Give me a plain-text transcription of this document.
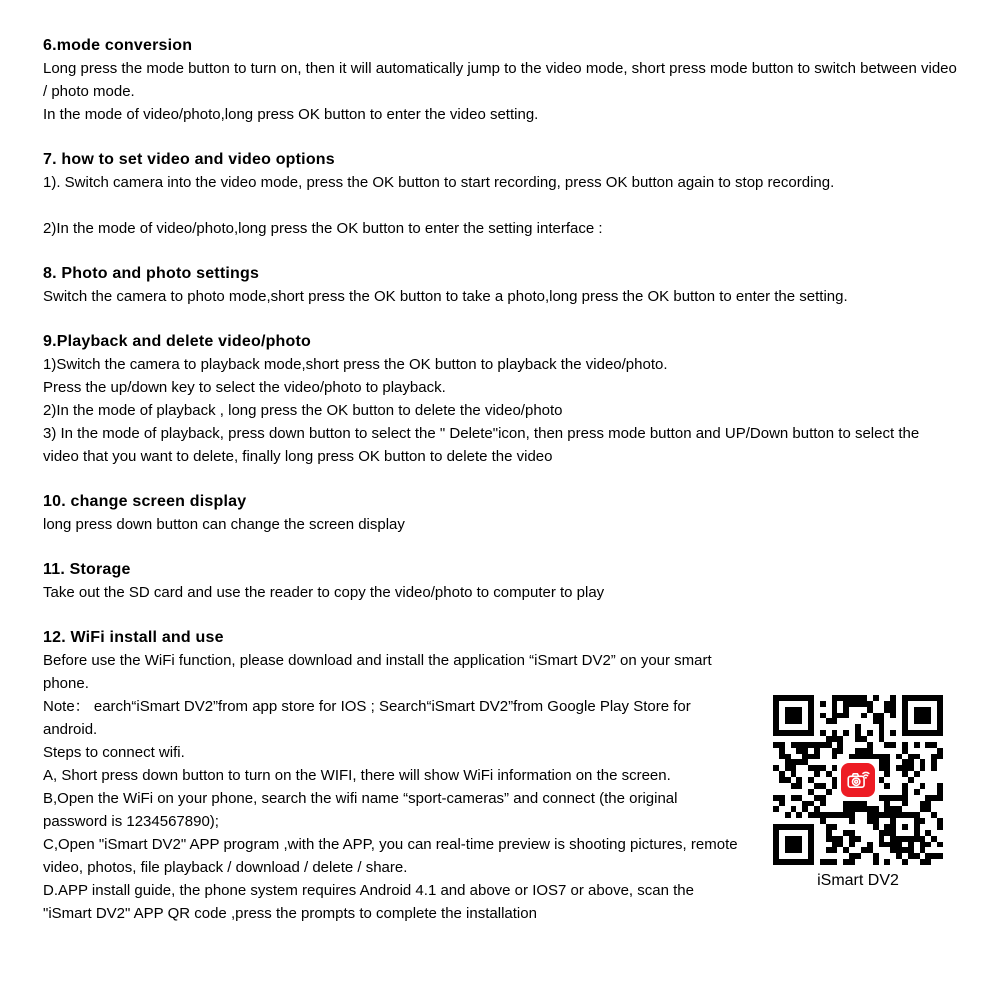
6.mode conversion

Long press the mode button to turn on, then it will automatically jump to the video mode, short press mode button to switch between video / photo mode.

In the mode of video/photo,long press OK button to enter the video setting.

7. how to set video and video options

1). Switch camera into the video mode, press the OK button to start recording, press OK button again to stop recording.

2)In the mode of video/photo,long press the OK button to enter the setting interface :

8. Photo and photo settings

Switch the camera to photo mode,short press the OK button to take a photo,long press the OK button to enter the setting.

9.Playback and delete video/photo

1)Switch the camera to playback mode,short press the OK button to playback the video/photo.

Press the up/down key to select the video/photo to playback.

2)In the mode of playback , long press the OK button to delete the video/photo

3) In the mode of playback, press down button to select the " Delete"icon, then press mode button and UP/Down button to select the video that you want to delete, finally long press OK button to delete the video

10. change screen display

long press down button can change the screen display

11. Storage

Take out the SD card and use the reader to copy the video/photo to computer to play

12. WiFi install and use

Before use the WiFi function, please download and install the application “iSmart DV2” on your smart phone.

Note： earch“iSmart DV2”from app store for IOS ; Search“iSmart DV2”from Google Play Store for android.

Steps to connect wifi.

A, Short press down button to turn on the WIFI, there will show WiFi information on the screen.

B,Open the WiFi on your phone, search the wifi name “sport-cameras” and connect (the original password is 1234567890);

C,Open "iSmart DV2" APP program ,with the APP, you can real-time preview is shooting pictures, remote video, photos, file playback / download / delete / share.

D.APP install guide, the phone system requires Android 4.1 and above or IOS7 or above, scan the "iSmart DV2" APP QR code ,press the prompts to complete the installation

iSmart DV2
